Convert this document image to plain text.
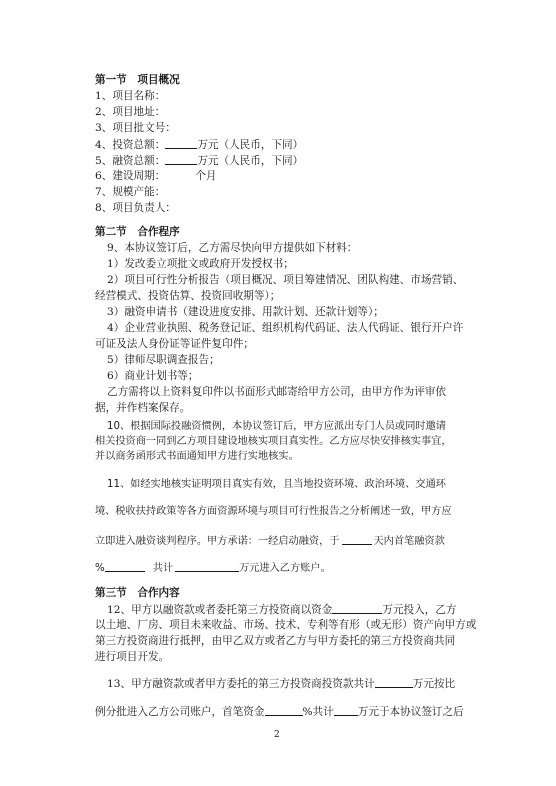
第一节　项目概况
1、项目名称：
2、项目地址：
3、项目批文号：
4、投资总额：	万元（人民币，下同）
5、融资总额：	万元（人民币，下同）
6、建设周期：	个月
7、规模产能：
8、项目负责人：
第二节　合作程序
9、本协议签订后，乙方需尽快向甲方提供如下材料：
1）发改委立项批文或政府开发授权书；
2）项目可行性分析报告（项目概况、项目筹建情况、团队构建、市场营销、
经营模式、投资估算、投资回收期等）；
3）融资申请书（建设进度安排、用款计划、还款计划等）；
4）企业营业执照、税务登记证、组织机构代码证、法人代码证、银行开户许
可证及法人身份证等证件复印件；
5）律师尽职调查报告；
6）商业计划书等；
乙方需将以上资料复印件以书面形式邮寄给甲方公司，由甲方作为评审依
据，并作档案保存。
10、根据国际投融资惯例，本协议签订后，甲方应派出专门人员或同时邀请
相关投资商一同到乙方项目建设地核实项目真实性。乙方应尽快安排核实事宜，
并以商务函形式书面通知甲方进行实地核实。
11、如经实地核实证明项目真实有效，且当地投资环境、政治环境、交通环
境、税收扶持政策等各方面资源环境与项目可行性报告之分析阐述一致，甲方应
立即进入融资谈判程序。甲方承诺：一经启动融资，于	天内首笔融资款
%	共计	万元进入乙方账户。
第三节　合作内容
12、甲方以融资款或者委托第三方投资商以资金	万元投入，乙方
以土地、厂房、项目未来收益、市场、技术、专利等有形（或无形）资产向甲方或
第三方投资商进行抵押，由甲乙双方或者乙方与甲方委托的第三方投资商共同
进行项目开发。
13、甲方融资款或者甲方委托的第三方投资商投资款共计	万元按比
例分批进入乙方公司账户，首笔资金	%共计 万元于本协议签订之后
2
